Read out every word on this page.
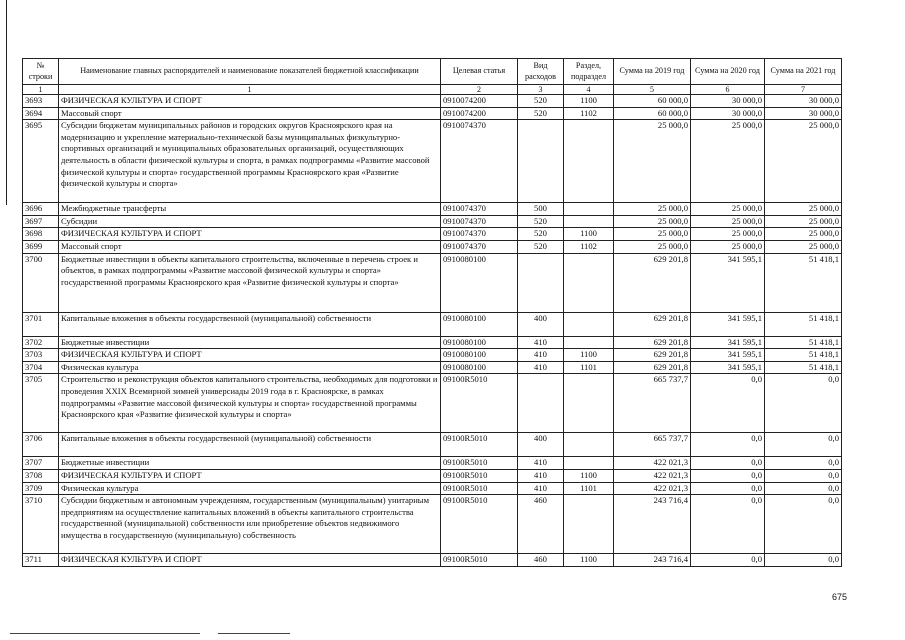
№ строки	Наименование главных распорядителей и наименование показателей бюджетной классификации	Целевая статья	Вид расходов	Раздел, подраздел	Сумма на 2019 год	Сумма на 2020 год	Сумма на 2021 год
1	1	2	3	4	5	6	7
3693	ФИЗИЧЕСКАЯ КУЛЬТУРА И СПОРТ	0910074200	520	1100	60 000,0	30 000,0	30 000,0
3694	Массовый спорт	0910074200	520	1102	60 000,0	30 000,0	30 000,0
3695	Субсидии бюджетам муниципальных районов и городских округов Красноярского края на модернизацию и укрепление материально-технической базы муниципальных физкультурно-спортивных организаций и муниципальных образовательных организаций, осуществляющих деятельность в области физической культуры и спорта, в рамках подпрограммы «Развитие массовой физической культуры и спорта» государственной программы Красноярского края «Развитие физической культуры и спорта»	0910074370			25 000,0	25 000,0	25 000,0
3696	Межбюджетные трансферты	0910074370	500		25 000,0	25 000,0	25 000,0
3697	Субсидии	0910074370	520		25 000,0	25 000,0	25 000,0
3698	ФИЗИЧЕСКАЯ КУЛЬТУРА И СПОРТ	0910074370	520	1100	25 000,0	25 000,0	25 000,0
3699	Массовый спорт	0910074370	520	1102	25 000,0	25 000,0	25 000,0
3700	Бюджетные инвестиции в объекты капитального строительства, включенные в перечень строек и объектов, в рамках подпрограммы «Развитие массовой физической культуры и спорта» государственной программы Красноярского края «Развитие физической культуры и спорта»	0910080100			629 201,8	341 595,1	51 418,1
3701	Капитальные вложения в объекты государственной (муниципальной) собственности	0910080100	400		629 201,8	341 595,1	51 418,1
3702	Бюджетные инвестиции	0910080100	410		629 201,8	341 595,1	51 418,1
3703	ФИЗИЧЕСКАЯ КУЛЬТУРА И СПОРТ	0910080100	410	1100	629 201,8	341 595,1	51 418,1
3704	Физическая культура	0910080100	410	1101	629 201,8	341 595,1	51 418,1
3705	Строительство и реконструкция объектов капитального строительства, необходимых для подготовки и проведения XXIX Всемирной зимней универсиады 2019 года в г. Красноярске, в рамках подпрограммы «Развитие массовой физической культуры и спорта» государственной программы Красноярского края «Развитие физической культуры и спорта»	09100R5010			665 737,7	0,0	0,0
3706	Капитальные вложения в объекты государственной (муниципальной) собственности	09100R5010	400		665 737,7	0,0	0,0
3707	Бюджетные инвестиции	09100R5010	410		422 021,3	0,0	0,0
3708	ФИЗИЧЕСКАЯ КУЛЬТУРА И СПОРТ	09100R5010	410	1100	422 021,3	0,0	0,0
3709	Физическая культура	09100R5010	410	1101	422 021,3	0,0	0,0
3710	Субсидии бюджетным и автономным учреждениям, государственным (муниципальным) унитарным предприятиям на осуществление капитальных вложений в объекты капитального строительства государственной (муниципальной) собственности или приобретение объектов недвижимого имущества в государственную (муниципальную) собственность	09100R5010	460		243 716,4	0,0	0,0
3711	ФИЗИЧЕСКАЯ КУЛЬТУРА И СПОРТ	09100R5010	460	1100	243 716,4	0,0	0,0
675
